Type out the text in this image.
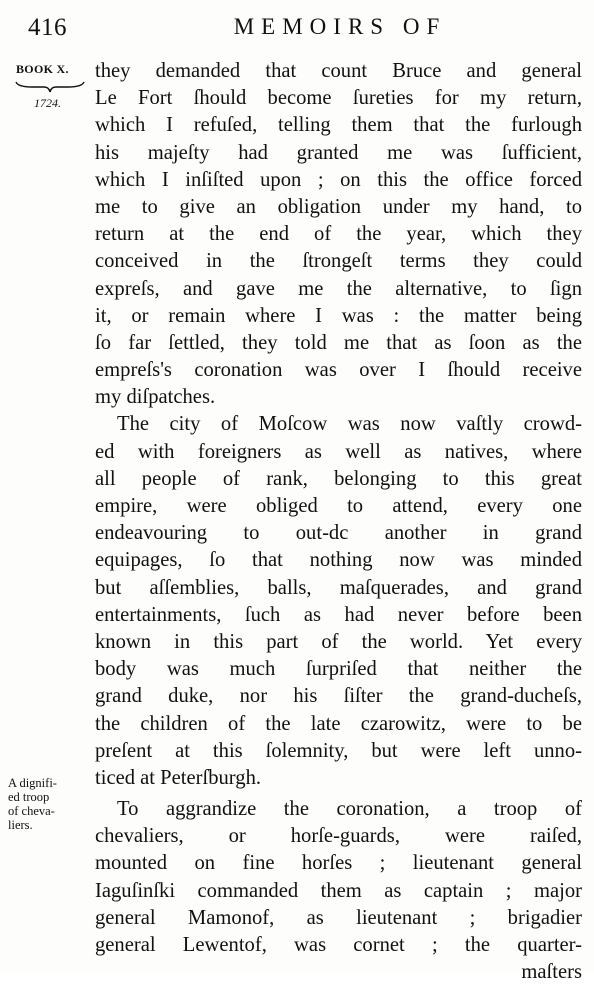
416	MEMOIRS OF
BOOK X.
1724.
A dignifi-
ed troop
of cheva-
liers.
they demanded that count Bruce and general
Le Fort ſhould become ſureties for my return,
which I refuſed, telling them that the furlough
his majeſty had granted me was ſufficient,
which I inſiſted upon ; on this the office forced
me to give an obligation under my hand, to
return at the end of the year, which they
conceived in the ſtrongeſt terms they could
expreſs, and gave me the alternative, to ſign
it, or remain where I was : the matter being
ſo far ſettled, they told me that as ſoon as the
empreſs's coronation was over I ſhould receive
my diſpatches.
The city of Moſcow was now vaſtly crowd-
ed with foreigners as well as natives, where
all people of rank, belonging to this great
empire, were obliged to attend, every one
endeavouring to out-dc another in grand
equipages, ſo that nothing now was minded
but aſſemblies, balls, maſquerades, and grand
entertainments, ſuch as had never before been
known in this part of the world. Yet every
body was much ſurpriſed that neither the
grand duke, nor his ſiſter the grand-ducheſs,
the children of the late czarowitz, were to be
preſent at this ſolemnity, but were left unno-
ticed at Peterſburgh.
To aggrandize the coronation, a troop of
chevaliers, or horſe-guards, were raiſed,
mounted on fine horſes ; lieutenant general
Iaguſinſki commanded them as captain ; major
general Mamonof, as lieutenant ; brigadier
general Lewentof, was cornet ; the quarter-
maſters
